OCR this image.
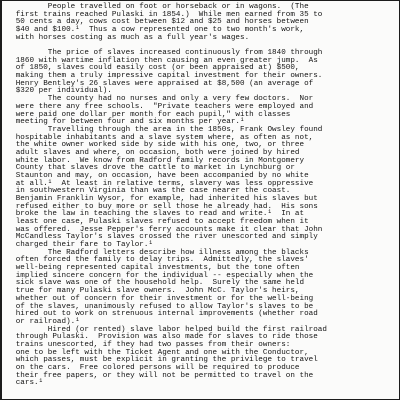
People travelled on foot or horseback or in wagons.  (The
first trains reached Pulaski in 1854.)  While men earned from 35 to
50 cents a day, cows cost between $12 and $25 and horses between
$40 and $100.¹  Thus a cow represented one to two month's work,
with horses costing as much as a full year's wages.
The price of slaves increased continuously from 1840 through
1860 with wartime inflation then causing an even greater jump.  As
of 1850, slaves could easily cost (or been appraised at) $500,
making them a truly impressive capital investment for their owners.
Henry Bentley's 26 slaves were appraised at $8,500 (an average of
$320 per individual).
The county had no nurses and only a very few doctors.  Nor
were there any free schools.  "Private teachers were employed and
were paid one dollar per month for each pupil," with classes
meeting for between four and six months per year.¹
Travelling through the area in the 1850s, Frank Owsley found
hospitable inhabitants and a slave system where, as often as not,
the white owner worked side by side with his one, two, or three
adult slaves and where, on occasion, both were joined by hired
white labor.  We know from Radford family records in Montgomery
County that slaves drove the cattle to market in Lynchburg or
Staunton and may, on occasion, have been accompanied by no white
at all.¹  At least in relative terms, slavery was less oppressive
in southwestern Virginia than was the case nearer the coast.
Benjamin Franklin Wysor, for example, had inherited his slaves but
refused either to buy more or sell those he already had.  His sons
broke the law in teaching the slaves to read and write.¹  In at
least one case, Pulaski slaves refused to accept freedom when it
was offered.  Jesse Pepper's ferry accounts make it clear that John
McCandless Taylor's slaves crossed the river unescorted and simply
charged their fare to Taylor.¹
The Radford letters describe how illness among the blacks
often forced the family to delay trips.  Admittedly, the slaves'
well-being represented capital investments, but the tone often
implied sincere concern for the individual -- especially when the
sick slave was one of the household help.  Surely the same held
true for many Pulaski slave owners.  John McC. Taylor's heirs,
whether out of concern for their investment or for the well-being
of the slaves, unanimously refused to allow Taylor's slaves to be
hired out to work on strenuous internal improvements (whether road
or railroad).¹
Hired (or rented) slave labor helped build the first railroad
through Pulaski.  Provision was also made for slaves to ride those
trains unescorted, if they had two passes from their owners:
one to be left with the Ticket Agent and one with the Conductor,
which passes, must be explicit in granting the privilege to travel
on the cars.  Free colored persons will be required to produce
their free papers, or they will not be permitted to travel on the
cars.¹
